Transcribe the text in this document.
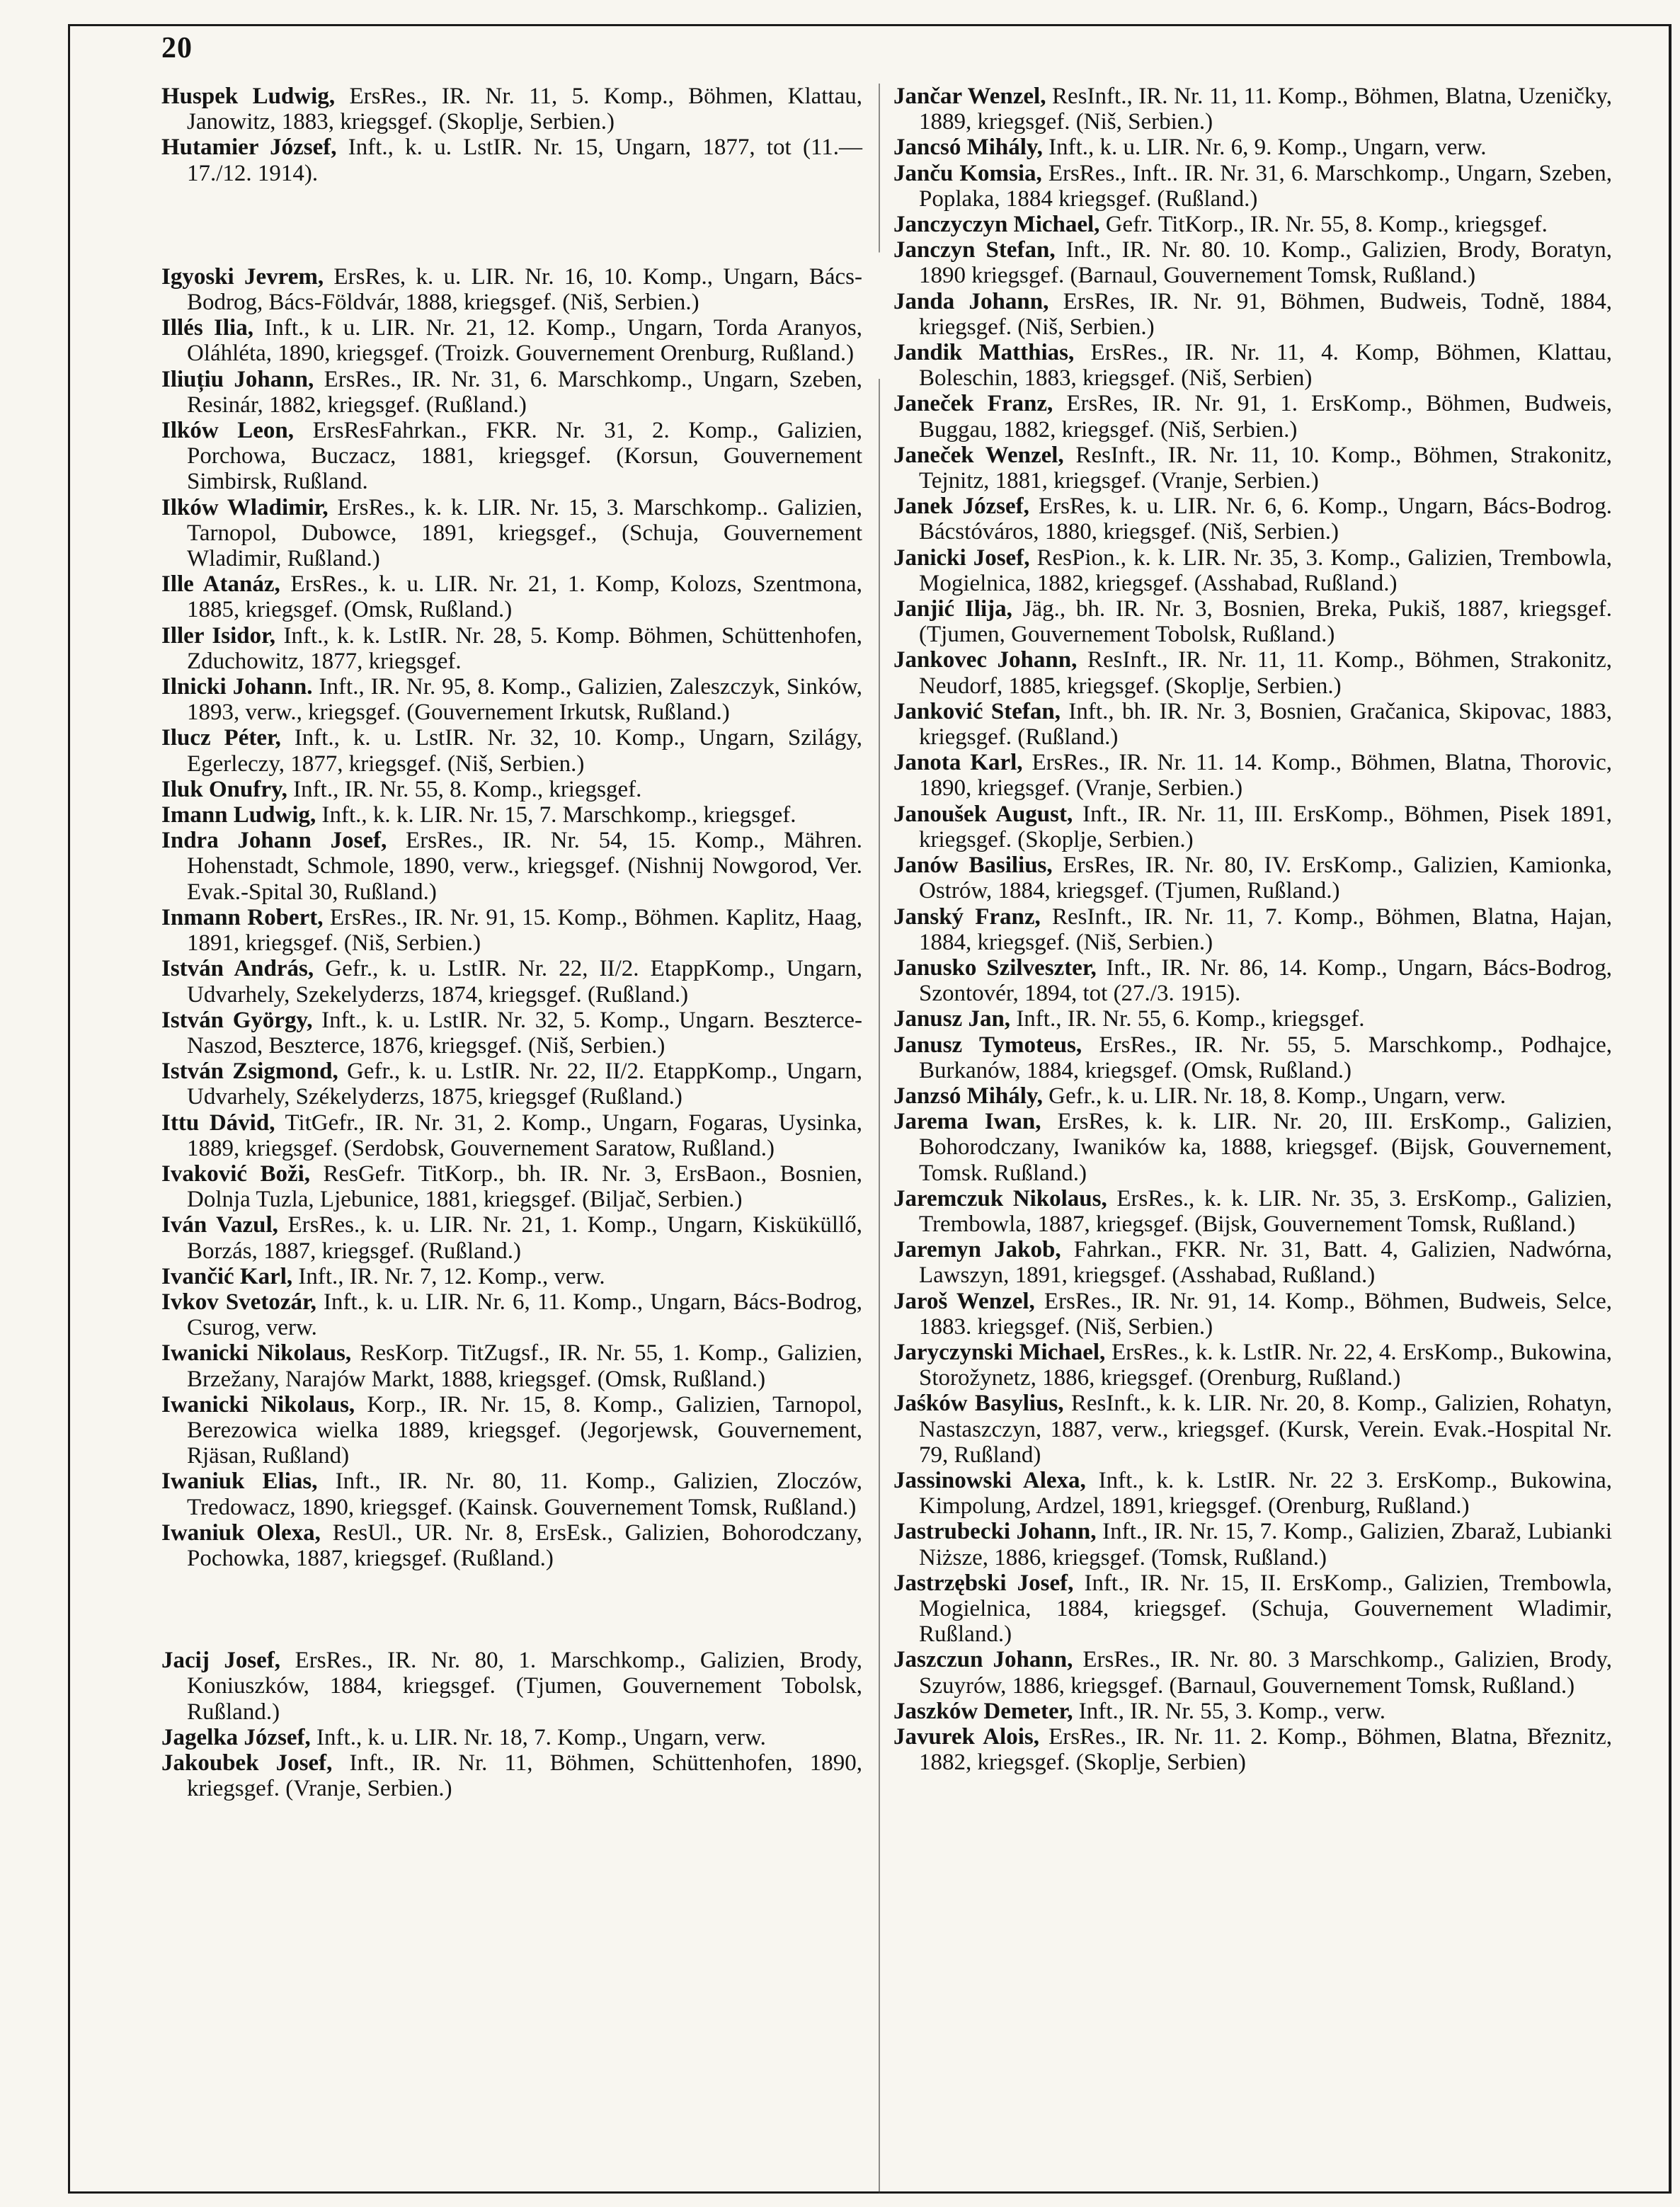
20

Huspek Ludwig, ErsRes., IR. Nr. 11, 5. Komp., Böhmen, Klattau, Janowitz, 1883, kriegsgef. (Skoplje, Serbien.)

Hutamier József, Inft., k. u. LstIR. Nr. 15, Ungarn, 1877, tot (11.—17./12. 1914).

Igyoski Jevrem, ErsRes, k. u. LIR. Nr. 16, 10. Komp., Ungarn, Bács-Bodrog, Bács-Földvár, 1888, kriegsgef. (Niš, Serbien.)

Illés Ilia, Inft., k u. LIR. Nr. 21, 12. Komp., Ungarn, Torda Aranyos, Oláhléta, 1890, kriegsgef. (Troizk. Gouvernement Orenburg, Rußland.)

Iliuțiu Johann, ErsRes., IR. Nr. 31, 6. Marschkomp., Ungarn, Szeben, Resinár, 1882, kriegsgef. (Rußland.)

Ilków Leon, ErsResFahrkan., FKR. Nr. 31, 2. Komp., Galizien, Porchowa, Buczacz, 1881, kriegsgef. (Korsun, Gouvernement Simbirsk, Rußland.

Ilków Wladimir, ErsRes., k. k. LIR. Nr. 15, 3. Marschkomp.. Galizien, Tarnopol, Dubowce, 1891, kriegsgef., (Schuja, Gouvernement Wladimir, Rußland.)

Ille Atanáz, ErsRes., k. u. LIR. Nr. 21, 1. Komp, Kolozs, Szentmona, 1885, kriegsgef. (Omsk, Rußland.)

Iller Isidor, Inft., k. k. LstIR. Nr. 28, 5. Komp. Böhmen, Schüttenhofen, Zduchowitz, 1877, kriegsgef.

Ilnicki Johann. Inft., IR. Nr. 95, 8. Komp., Galizien, Zaleszczyk, Sinków, 1893, verw., kriegsgef. (Gouvernement Irkutsk, Rußland.)

Ilucz Péter, Inft., k. u. LstIR. Nr. 32, 10. Komp., Ungarn, Szilágy, Egerleczy, 1877, kriegsgef. (Niš, Serbien.)

Iluk Onufry, Inft., IR. Nr. 55, 8. Komp., kriegsgef.

Imann Ludwig, Inft., k. k. LIR. Nr. 15, 7. Marschkomp., kriegsgef.

Indra Johann Josef, ErsRes., IR. Nr. 54, 15. Komp., Mähren. Hohenstadt, Schmole, 1890, verw., kriegsgef. (Nishnij Nowgorod, Ver. Evak.-Spital 30, Rußland.)

Inmann Robert, ErsRes., IR. Nr. 91, 15. Komp., Böhmen. Kaplitz, Haag, 1891, kriegsgef. (Niš, Serbien.)

István András, Gefr., k. u. LstIR. Nr. 22, II/2. EtappKomp., Ungarn, Udvarhely, Szekelyderzs, 1874, kriegsgef. (Rußland.)

István György, Inft., k. u. LstIR. Nr. 32, 5. Komp., Ungarn. Beszterce-Naszod, Beszterce, 1876, kriegsgef. (Niš, Serbien.)

István Zsigmond, Gefr., k. u. LstIR. Nr. 22, II/2. EtappKomp., Ungarn, Udvarhely, Székelyderzs, 1875, kriegsgef (Rußland.)

Ittu Dávid, TitGefr., IR. Nr. 31, 2. Komp., Ungarn, Fogaras, Uysinka, 1889, kriegsgef. (Serdobsk, Gouvernement Saratow, Rußland.)

Ivaković Boži, ResGefr. TitKorp., bh. IR. Nr. 3, ErsBaon., Bosnien, Dolnja Tuzla, Ljebunice, 1881, kriegsgef. (Biljač, Serbien.)

Iván Vazul, ErsRes., k. u. LIR. Nr. 21, 1. Komp., Ungarn, Kisküküllő, Borzás, 1887, kriegsgef. (Rußland.)

Ivančić Karl, Inft., IR. Nr. 7, 12. Komp., verw.

Ivkov Svetozár, Inft., k. u. LIR. Nr. 6, 11. Komp., Ungarn, Bács-Bodrog, Csurog, verw.

Iwanicki Nikolaus, ResKorp. TitZugsf., IR. Nr. 55, 1. Komp., Galizien, Brzežany, Narajów Markt, 1888, kriegsgef. (Omsk, Rußland.)

Iwanicki Nikolaus, Korp., IR. Nr. 15, 8. Komp., Galizien, Tarnopol, Berezowica wielka 1889, kriegsgef. (Jegorjewsk, Gouvernement, Rjäsan, Rußland)

Iwaniuk Elias, Inft., IR. Nr. 80, 11. Komp., Galizien, Zloczów, Tredowacz, 1890, kriegsgef. (Kainsk. Gouvernement Tomsk, Rußland.)

Iwaniuk Olexa, ResUl., UR. Nr. 8, ErsEsk., Galizien, Bohorodczany, Pochowka, 1887, kriegsgef. (Rußland.)

Jacij Josef, ErsRes., IR. Nr. 80, 1. Marschkomp., Galizien, Brody, Koniuszków, 1884, kriegsgef. (Tjumen, Gouvernement Tobolsk, Rußland.)

Jagelka József, Inft., k. u. LIR. Nr. 18, 7. Komp., Ungarn, verw.

Jakoubek Josef, Inft., IR. Nr. 11, Böhmen, Schüttenhofen, 1890, kriegsgef. (Vranje, Serbien.)

Jančar Wenzel, ResInft., IR. Nr. 11, 11. Komp., Böhmen, Blatna, Uzeničky, 1889, kriegsgef. (Niš, Serbien.)

Jancsó Mihály, Inft., k. u. LIR. Nr. 6, 9. Komp., Ungarn, verw.

Janču Komsia, ErsRes., Inft.. IR. Nr. 31, 6. Marschkomp., Ungarn, Szeben, Poplaka, 1884 kriegsgef. (Rußland.)

Janczyczyn Michael, Gefr. TitKorp., IR. Nr. 55, 8. Komp., kriegsgef.

Janczyn Stefan, Inft., IR. Nr. 80. 10. Komp., Galizien, Brody, Boratyn, 1890 kriegsgef. (Barnaul, Gouvernement Tomsk, Rußland.)

Janda Johann, ErsRes, IR. Nr. 91, Böhmen, Budweis, Todně, 1884, kriegsgef. (Niš, Serbien.)

Jandik Matthias, ErsRes., IR. Nr. 11, 4. Komp, Böhmen, Klattau, Boleschin, 1883, kriegsgef. (Niš, Serbien)

Janeček Franz, ErsRes, IR. Nr. 91, 1. ErsKomp., Böhmen, Budweis, Buggau, 1882, kriegsgef. (Niš, Serbien.)

Janeček Wenzel, ResInft., IR. Nr. 11, 10. Komp., Böhmen, Strakonitz, Tejnitz, 1881, kriegsgef. (Vranje, Serbien.)

Janek József, ErsRes, k. u. LIR. Nr. 6, 6. Komp., Ungarn, Bács-Bodrog. Bácstóváros, 1880, kriegsgef. (Niš, Serbien.)

Janicki Josef, ResPion., k. k. LIR. Nr. 35, 3. Komp., Galizien, Trembowla, Mogielnica, 1882, kriegsgef. (Asshabad, Rußland.)

Janjić Ilija, Jäg., bh. IR. Nr. 3, Bosnien, Breka, Pukiš, 1887, kriegsgef. (Tjumen, Gouvernement Tobolsk, Rußland.)

Jankovec Johann, ResInft., IR. Nr. 11, 11. Komp., Böhmen, Strakonitz, Neudorf, 1885, kriegsgef. (Skoplje, Serbien.)

Janković Stefan, Inft., bh. IR. Nr. 3, Bosnien, Gračanica, Skipovac, 1883, kriegsgef. (Rußland.)

Janota Karl, ErsRes., IR. Nr. 11. 14. Komp., Böhmen, Blatna, Thorovic, 1890, kriegsgef. (Vranje, Serbien.)

Janoušek August, Inft., IR. Nr. 11, III. ErsKomp., Böhmen, Pisek 1891, kriegsgef. (Skoplje, Serbien.)

Janów Basilius, ErsRes, IR. Nr. 80, IV. ErsKomp., Galizien, Kamionka, Ostrów, 1884, kriegsgef. (Tjumen, Rußland.)

Janský Franz, ResInft., IR. Nr. 11, 7. Komp., Böhmen, Blatna, Hajan, 1884, kriegsgef. (Niš, Serbien.)

Janusko Szilveszter, Inft., IR. Nr. 86, 14. Komp., Ungarn, Bács-Bodrog, Szontovér, 1894, tot (27./3. 1915).

Janusz Jan, Inft., IR. Nr. 55, 6. Komp., kriegsgef.

Janusz Tymoteus, ErsRes., IR. Nr. 55, 5. Marschkomp., Podhajce, Burkanów, 1884, kriegsgef. (Omsk, Rußland.)

Janzsó Mihály, Gefr., k. u. LIR. Nr. 18, 8. Komp., Ungarn, verw.

Jarema Iwan, ErsRes, k. k. LIR. Nr. 20, III. ErsKomp., Galizien, Bohorodczany, Iwaników ka, 1888, kriegsgef. (Bijsk, Gouvernement, Tomsk. Rußland.)

Jaremczuk Nikolaus, ErsRes., k. k. LIR. Nr. 35, 3. ErsKomp., Galizien, Trembowla, 1887, kriegsgef. (Bijsk, Gouvernement Tomsk, Rußland.)

Jaremyn Jakob, Fahrkan., FKR. Nr. 31, Batt. 4, Galizien, Nadwórna, Lawszyn, 1891, kriegsgef. (Asshabad, Rußland.)

Jaroš Wenzel, ErsRes., IR. Nr. 91, 14. Komp., Böhmen, Budweis, Selce, 1883. kriegsgef. (Niš, Serbien.)

Jaryczynski Michael, ErsRes., k. k. LstIR. Nr. 22, 4. ErsKomp., Bukowina, Storožynetz, 1886, kriegsgef. (Orenburg, Rußland.)

Jaśków Basylius, ResInft., k. k. LIR. Nr. 20, 8. Komp., Galizien, Rohatyn, Nastaszczyn, 1887, verw., kriegsgef. (Kursk, Verein. Evak.-Hospital Nr. 79, Rußland)

Jassinowski Alexa, Inft., k. k. LstIR. Nr. 22 3. ErsKomp., Bukowina, Kimpolung, Ardzel, 1891, kriegsgef. (Orenburg, Rußland.)

Jastrubecki Johann, Inft., IR. Nr. 15, 7. Komp., Galizien, Zbaraž, Lubianki Niższe, 1886, kriegsgef. (Tomsk, Rußland.)

Jastrzębski Josef, Inft., IR. Nr. 15, II. ErsKomp., Galizien, Trembowla, Mogielnica, 1884, kriegsgef. (Schuja, Gouvernement Wladimir, Rußland.)

Jaszczun Johann, ErsRes., IR. Nr. 80. 3 Marschkomp., Galizien, Brody, Szuyrów, 1886, kriegsgef. (Barnaul, Gouvernement Tomsk, Rußland.)

Jaszków Demeter, Inft., IR. Nr. 55, 3. Komp., verw.

Javurek Alois, ErsRes., IR. Nr. 11. 2. Komp., Böhmen, Blatna, Březnitz, 1882, kriegsgef. (Skoplje, Serbien)
